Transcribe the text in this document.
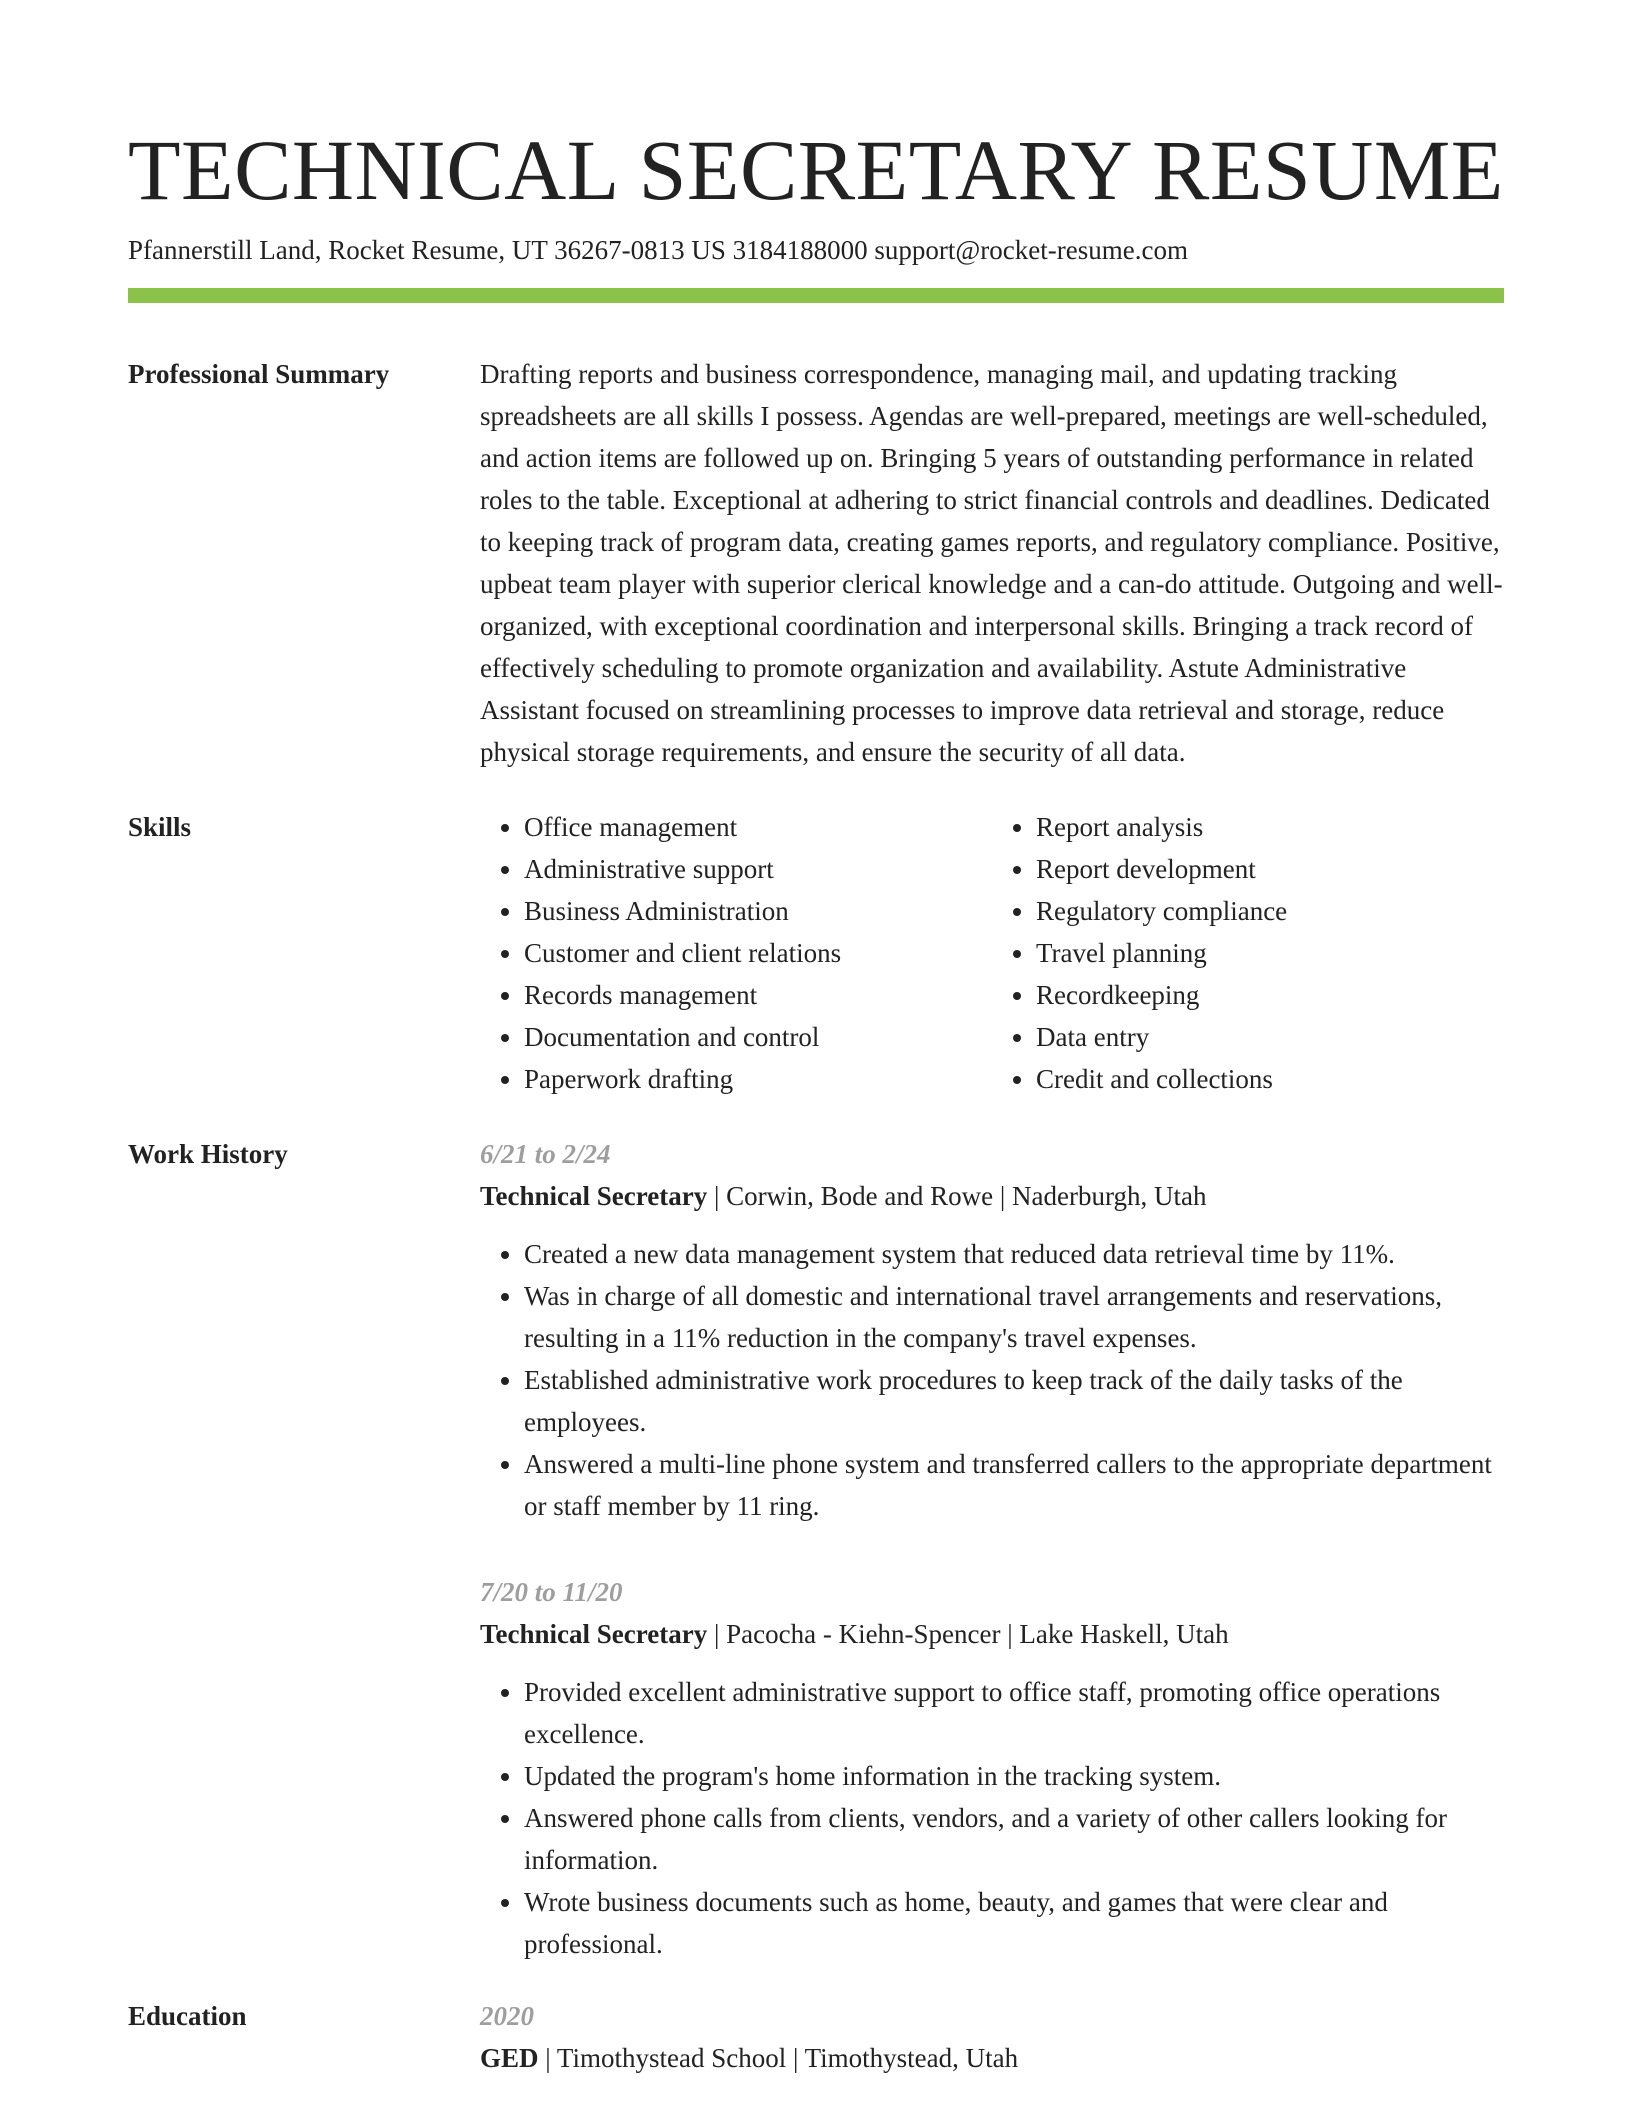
TECHNICAL SECRETARY RESUME
Pfannerstill Land, Rocket Resume, UT 36267-0813 US 3184188000 support@rocket-resume.com
Professional Summary	Drafting reports and business correspondence, managing mail, and updating tracking spreadsheets are all skills I possess. Agendas are well-prepared, meetings are well-scheduled, and action items are followed up on. Bringing 5 years of outstanding performance in related roles to the table. Exceptional at adhering to strict financial controls and deadlines. Dedicated to keeping track of program data, creating games reports, and regulatory compliance. Positive, upbeat team player with superior clerical knowledge and a can-do attitude. Outgoing and well-organized, with exceptional coordination and interpersonal skills. Bringing a track record of effectively scheduling to promote organization and availability. Astute Administrative Assistant focused on streamlining processes to improve data retrieval and storage, reduce physical storage requirements, and ensure the security of all data.

Skills
•	Office management
• Administrative support
• Business Administration
• Customer and client relations
• Records management
• Documentation and control
• Paperwork drafting
• Report analysis
• Report development
• Regulatory compliance
• Travel planning
• Recordkeeping
• Data entry
• Credit and collections
Work History	6/21 to 2/24
Technical Secretary | Corwin, Bode and Rowe | Naderburgh, Utah
• Created a new data management system that reduced data retrieval time by 11%.
• Was in charge of all domestic and international travel arrangements and reservations, resulting in a 11% reduction in the company's travel expenses.
• Established administrative work procedures to keep track of the daily tasks of the employees.
• Answered a multi-line phone system and transferred callers to the appropriate department or staff member by 11 ring.
7/20 to 11/20
Technical Secretary | Pacocha - Kiehn-Spencer | Lake Haskell, Utah
• Provided excellent administrative support to office staff, promoting office operations excellence.
• Updated the program's home information in the tracking system.
• Answered phone calls from clients, vendors, and a variety of other callers looking for information.
• Wrote business documents such as home, beauty, and games that were clear and professional.
Education	2020
GED | Timothystead School | Timothystead, Utah
